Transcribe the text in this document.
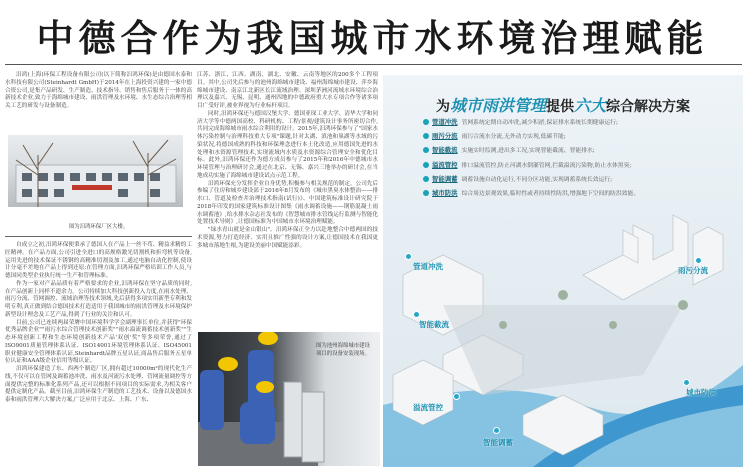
中德合作为我国城市水环境治理赋能

汨鸿(上海)环保工程设备有限公司(以下简称汨鸿环保)是由德国水泰和水科技有限公司(Steinhardt GmbH)于2014年在上海投资兴建的一家中德合资公司,是集产品研发、生产制造、技术指导、销售和售后服务于一体的高新技术企业,致力于海绵城市建设、雨洪管理及水环境、水生态综合治理等相关工艺的研发与设备制造。

图为汨鸿环保厂区大楼。

自成立之初,汨鸿环保便秉承了德国人在产品上一丝不苟、精益求精的工匠精神。在产品方面,公司引进全进口的高规格激光切割机和折弯机等设备,运用先进的技术保证不锈钢的高精准切割及加工,通过电脑自动化控制,使设计分毫不差地在产品上得到还原;在管理方面,汨鸿环保严格培训工作人员,与德国同类型企业执行统一生产和管理标准。

作为一家对产品品质有着严格要求的企业,汨鸿环保在坚守品质的同时,在产品创新上同样不遗余力。公司持续加大科技创新投入力度,在雨水处理、雨污分流、管网调控、流域治理等技术领域,先后获得多项实用新型专利和发明专利,真正做到结合德国技术打造适用于我国城市的雨洪管理及水环境保护新型设计理念及工艺产品,得到了行业的关注和认可。

目前,公司已连续两届荣膺中国环境科学学会副理事长单位,并获得"环保优秀品牌企业""雨污水综合管理技术创新奖""雨水溢流调蓄技术创新奖""生态环境创新工程和生态环境创新技术产品'双创'奖"等多项荣誉,通过了ISO9001质量管理体系认证、ISO14001环境管理体系认证、ISO45001职业健康安全管理体系认证,Steinhardt品牌五星认证,商品售后服务五星单位认证和AAA级企业信用等级认证。

汨鸿环保建造了东、西两个制造厂区,拥有超过10000m²的现代化生产线,不仅可以在管网及调蓄池冲洗、雨水及河流污水处理、管网流量调控等方面提供完整的标准化系列产品,还可以根据不同项目的实际需求,为相关客户提供定制化产品。截至目前,汨鸿环保生产制造的工艺技术、设备以及德国水泰和雨洪管理六大解决方案,广泛应用于北京、上海、广东、

江苏、浙江、江西、湖南、湖北、安徽、云南等地区的200多个工程项目。其中,公司先后参与的池州海绵城市建设、福州海绵城市建设、萍乡海绵城市建设、南京江北新区长江流域治理、深圳茅洲河流域水环境综合治理以及嘉兴、无锡、昆明、通州四地的中德政府重大水专项合作等诸多项目广受好评,被业界视为行业标杆项目。

同时,汨鸿环保还与德国汉堡大学、德国亚琛工业大学、清华大学和同济大学等中德两国高校、科研机构、工程/景观/建筑设计事务所密切合作,共同完成海绵城市雨水综合利用的设计。2015年,汨鸿环保参与了"国家水体污染控制与治理科技重大专项"课题,针对太湖、滇池和巢湖等水域的污染状况,将德国成熟的科技和环保理念进行本土化改造,应用德国先进的水处理和水资源管理技术,实现流域内水质及水资源综合管理安全和优化目标。此外,汨鸿环保还作为德方成员参与了2015年和2016年中德城市水环境管理与治理研讨会,通过在北京、无锡、嘉兴三地举办的研讨会,在当地成功实施了海绵城市建设试点示范工程。

汨鸿环保充分发挥企业自身优势,积极参与相关规范的制定。公司先后参编了住房和城乡建设部于2016年8月发布的《城市黑臭水体整治——排水口、管道及检查井治理技术指南(试行)》、中国建筑标准设计研究院于2018年印发的国家建筑标准设计图集《雨水调蓄设施——钢筋混凝土雨水调蓄池》,给水排水杂志社发布的《智慧城市排水管线运行监测与智能化处置技术导则》,让德国标准为中国城市水环境治理赋能。

"绿水青山就是金山银山"。汨鸿环保正全力以赴地整合中德两国的技术资源,努力打造经济、实用且推广性强的设计方案,让德国技术在我国更多城市落地生根,为建设美丽中国赋能添彩。

图为池州海绵城市建设项目的设备安装现场。
为城市雨洪管理提供六大综合解决方案
管道冲洗 管网系统定期自动冲洗,减少积淤,保证排水系统长期健康运行;
雨污分流 雨污合流水分流,无外动力实现,低碳节能;
智能截流 实施实时监测,进出多工况,实现智能截流、智能排水;
溢流管控 排口溢流管控,防止河湖水倒灌管网,拦截溢流污染物,防止水体黑臭;
智能调蓄 调蓄设施自动化运行,不同分区功能,实现调蓄系统长效运行;
城市防洪 综合周边景观效果,临时性或者持续性防洪,增强地下空间的防洪效能。
管道冲洗	雨污分流
智能截流
溢流管控
城市防洪
智能调蓄
